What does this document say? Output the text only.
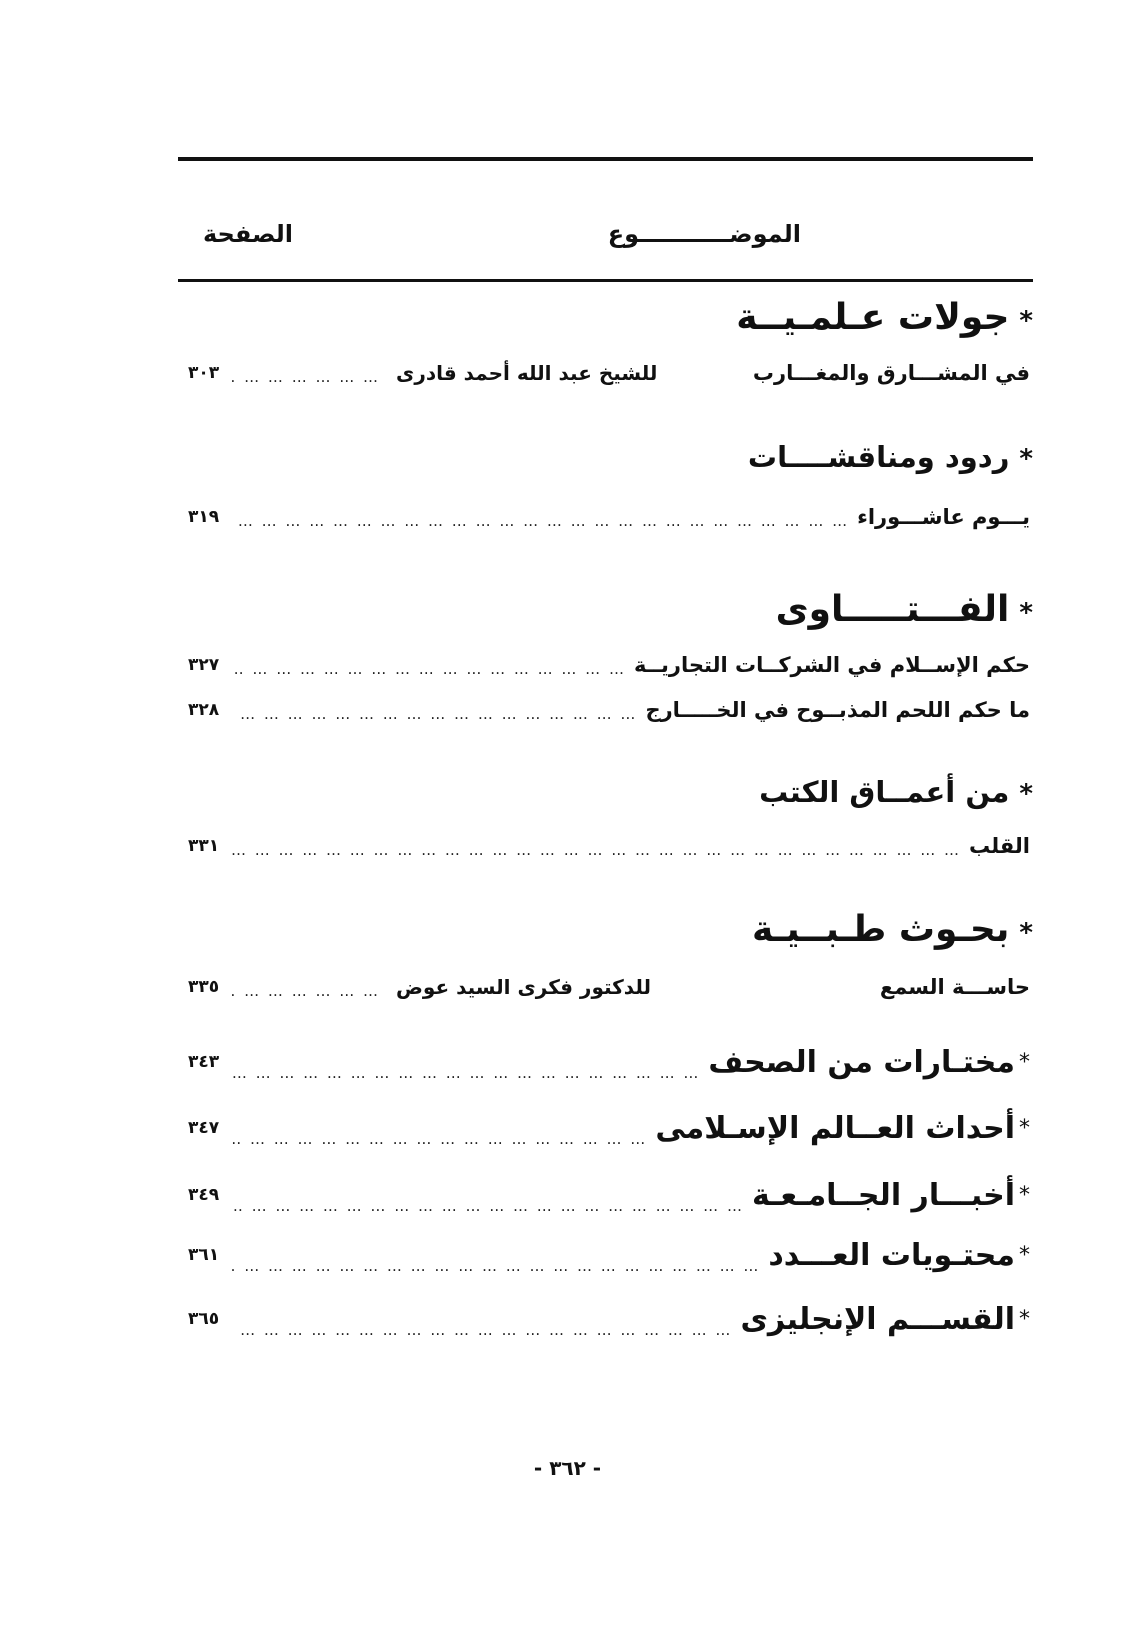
الموضـــــــــــوع
الصفحة
*جولات عـلمـيــة
في المشـــارق والمغـــارب
للشيخ عبد الله أحمد قادرى
… … … … … … … … … … … … … … … … … … … … … … … … … … … … … … … … … … … … … … … … … … … … … … … … … … … … … … … … … … … … … … … … … … … … … … …
٣٠٣
*ردود ومناقشــــات
يـــوم عاشـــوراء
… … … … … … … … … … … … … … … … … … … … … … … … … … … … … … … … … … … … … … … … … … … … … … … … … … … … … … … … … … … … … … … … … … … … … … …
٣١٩
*الفـــتـــــاوى
حكم الإســلام في الشركــات التجاريــة
… … … … … … … … … … … … … … … … … … … … … … … … … … … … … … … … … … … … … … … … … … … … … … … … … … … … … … … … … … … … … … … … … … … … … … …
٣٢٧
ما حكم اللحم المذبــوح في الخـــــارج
… … … … … … … … … … … … … … … … … … … … … … … … … … … … … … … … … … … … … … … … … … … … … … … … … … … … … … … … … … … … … … … … … … … … … … …
٣٢٨
*من أعمــاق الكتب
القلب
… … … … … … … … … … … … … … … … … … … … … … … … … … … … … … … … … … … … … … … … … … … … … … … … … … … … … … … … … … … … … … … … … … … … … … …
٣٣١
*بحـوث طـبــيـة
حاســـة السمع
للدكتور فكرى السيد عوض
… … … … … … … … … … … … … … … … … … … … … … … … … … … … … … … … … … … … … … … … … … … … … … … … … … … … … … … … … … … … … … … … … … … … … … …
٣٣٥
*
مختـارات من الصحف
… … … … … … … … … … … … … … … … … … … … … … … … … … … … … … … … … … … … … … … … … … … … … … … … … … … … … … … … … … … … … … … … … … … … … … …
٣٤٣
*
أحداث العــالم الإسـلامى
… … … … … … … … … … … … … … … … … … … … … … … … … … … … … … … … … … … … … … … … … … … … … … … … … … … … … … … … … … … … … … … … … … … … … … …
٣٤٧
*
أخبـــار الجــامـعـة
… … … … … … … … … … … … … … … … … … … … … … … … … … … … … … … … … … … … … … … … … … … … … … … … … … … … … … … … … … … … … … … … … … … … … … …
٣٤٩
*
محتـويات العـــدد
… … … … … … … … … … … … … … … … … … … … … … … … … … … … … … … … … … … … … … … … … … … … … … … … … … … … … … … … … … … … … … … … … … … … … … …
٣٦١
*
القســـم الإنجليزى
… … … … … … … … … … … … … … … … … … … … … … … … … … … … … … … … … … … … … … … … … … … … … … … … … … … … … … … … … … … … … … … … … … … … … … …
٣٦٥
- ٣٦٢ -
